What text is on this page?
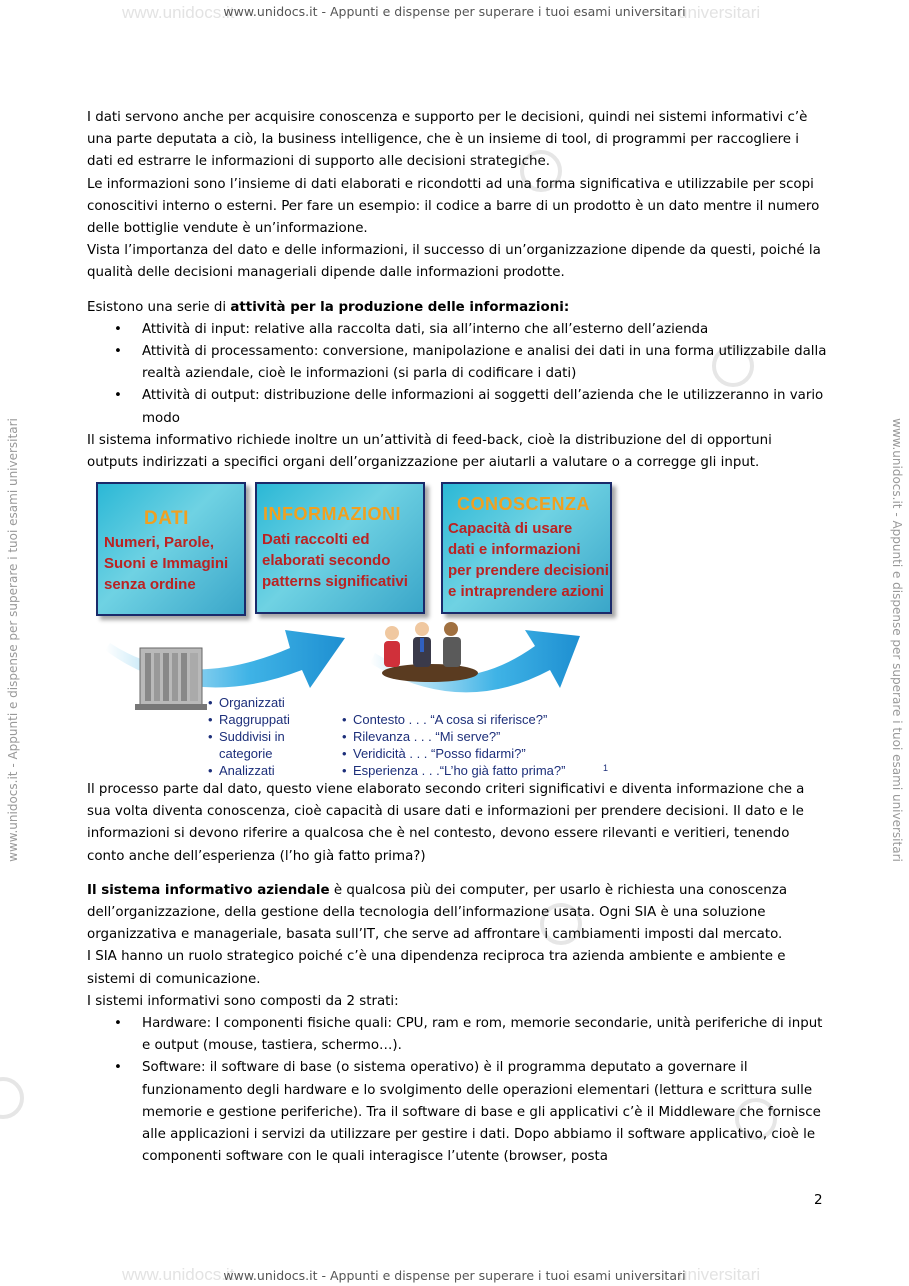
www.unidocs.it	universitari
www.unidocs.it - Appunti e dispense per superare i tuoi esami universitari
www.unidocs.it	universitari
www.unidocs.it - Appunti e dispense per superare i tuoi esami universitari
www.unidocs.it - Appunti e dispense per superare i tuoi esami universitari	www.unidocs.it - Appunti e dispense per superare i tuoi esami universitari

I dati servono anche per acquisire conoscenza e supporto per le decisioni, quindi nei sistemi informativi c’è una parte deputata a ciò, la business intelligence, che è un insieme di tool, di programmi per raccogliere i dati ed estrarre le informazioni di supporto alle decisioni strategiche.

Le informazioni sono l’insieme di dati elaborati e ricondotti ad una forma significativa e utilizzabile per scopi conoscitivi interno o esterni. Per fare un esempio: il codice a barre di un prodotto è un dato mentre il numero delle bottiglie vendute è un’informazione.

Vista l’importanza del dato e delle informazioni, il successo di un’organizzazione dipende da questi, poiché la qualità delle decisioni manageriali dipende dalle informazioni prodotte.

Esistono una serie di attività per la produzione delle informazioni:

• Attività di input: relative alla raccolta dati, sia all’interno che all’esterno dell’azienda

• Attività di processamento: conversione, manipolazione e analisi dei dati in una forma utilizzabile dalla realtà aziendale, cioè le informazioni (si parla di codificare i dati)

• Attività di output: distribuzione delle informazioni ai soggetti dell’azienda che le utilizzeranno in vario modo

Il sistema informativo richiede inoltre un un’attività di feed-back, cioè la distribuzione del di opportuni outputs indirizzati a specifici organi dell’organizzazione per aiutarli a valutare o a corregge gli input.

DATI
Numeri, Parole,
Suoni e Immagini
senza ordine
INFORMAZIONI
Dati raccolti ed
elaborati secondo
patterns significativi
CONOSCENZA
Capacità di usare
dati e informazioni
per prendere decisioni
e intraprendere azioni
• Organizzati
• Raggruppati
• Suddivisi in categorie
• Analizzati
• Contesto . . . “A cosa si riferisce?”
• Rilevanza . . . “Mi serve?”
• Veridicità . . . “Posso fidarmi?”
• Esperienza . . .“L’ho già fatto prima?”	1

Il processo parte dal dato, questo viene elaborato secondo criteri significativi e diventa informazione che a sua volta diventa conoscenza, cioè capacità di usare dati e informazioni per prendere decisioni. Il dato e le informazioni si devono riferire a qualcosa che è nel contesto, devono essere rilevanti e veritieri, tenendo conto anche dell’esperienza (l’ho già fatto prima?)

Il sistema informativo aziendale è qualcosa più dei computer, per usarlo è richiesta una conoscenza dell’organizzazione, della gestione della tecnologia dell’informazione usata. Ogni SIA è una soluzione organizzativa e manageriale, basata sull’IT, che serve ad affrontare i cambiamenti imposti dal mercato.

I SIA hanno un ruolo strategico poiché c’è una dipendenza reciproca tra azienda ambiente e ambiente e sistemi di comunicazione.

I sistemi informativi sono composti da 2 strati:

• Hardware: I componenti fisiche quali: CPU, ram e rom, memorie secondarie, unità periferiche di input e output (mouse, tastiera, schermo…).

• Software: il software di base (o sistema operativo) è il programma deputato a governare il funzionamento degli hardware e lo svolgimento delle operazioni elementari (lettura e scrittura sulle memorie e gestione periferiche). Tra il software di base e gli applicativi c’è il Middleware che fornisce alle applicazioni i servizi da utilizzare per gestire i dati. Dopo abbiamo il software applicativo, cioè le componenti software con le quali interagisce l’utente (browser, posta

2
